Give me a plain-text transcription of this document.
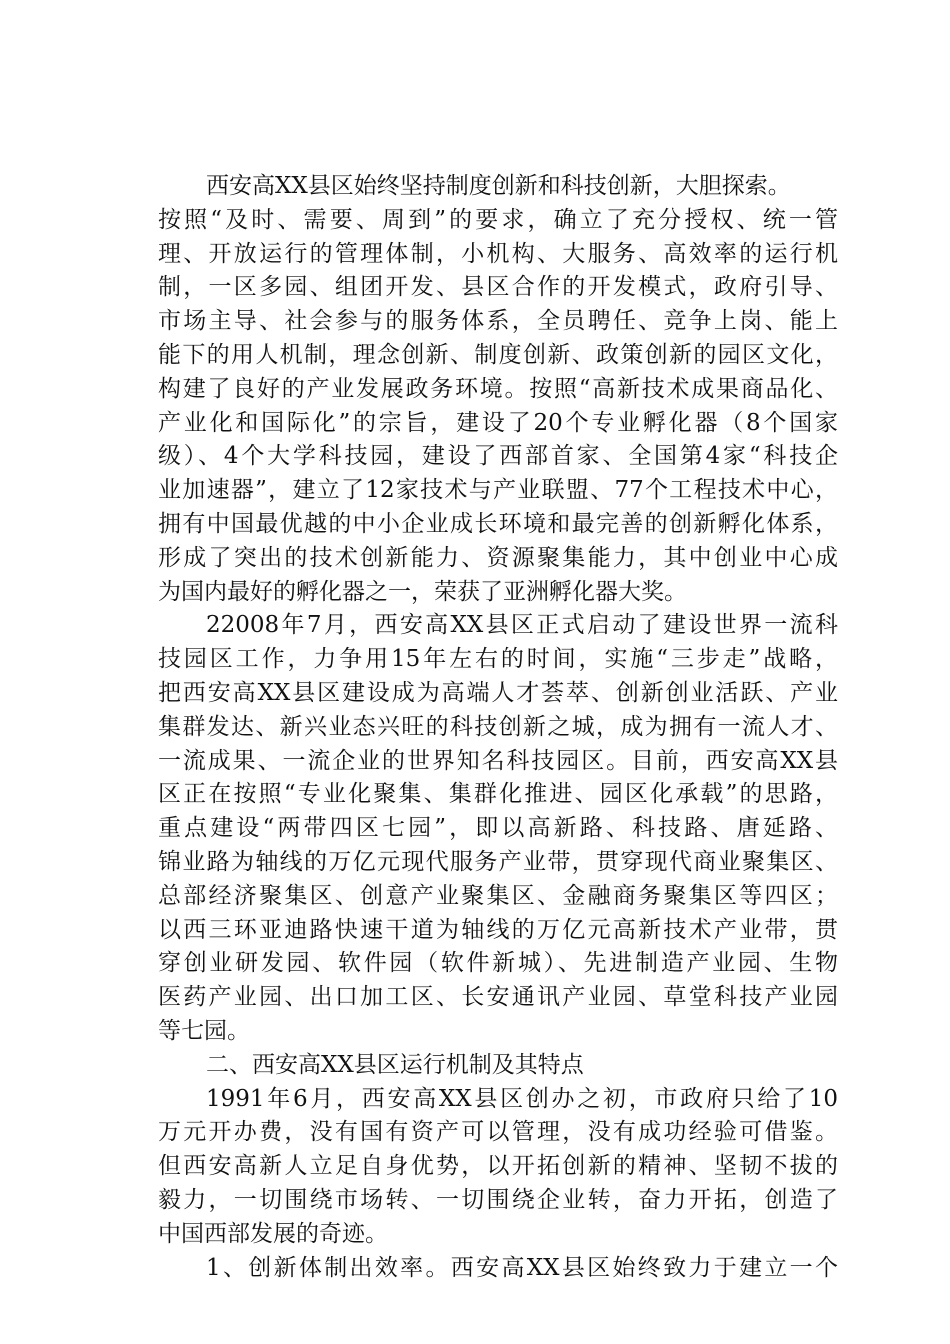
西安高XX县区始终坚持制度创新和科技创新，大胆探索。
按照“及时、需要、周到”的要求，确立了充分授权、统一管
理、开放运行的管理体制，小机构、大服务、高效率的运行机
制，一区多园、组团开发、县区合作的开发模式，政府引导、
市场主导、社会参与的服务体系，全员聘任、竞争上岗、能上
能下的用人机制，理念创新、制度创新、政策创新的园区文化，
构建了良好的产业发展政务环境。按照“高新技术成果商品化、
产业化和国际化”的宗旨，建设了20个专业孵化器（8个国家
级）、4个大学科技园，建设了西部首家、全国第4家“科技企
业加速器”，建立了12家技术与产业联盟、77个工程技术中心，
拥有中国最优越的中小企业成长环境和最完善的创新孵化体系，
形成了突出的技术创新能力、资源聚集能力，其中创业中心成
为国内最好的孵化器之一，荣获了亚洲孵化器大奖。
22008年7月，西安高XX县区正式启动了建设世界一流科
技园区工作，力争用15年左右的时间，实施“三步走”战略，
把西安高XX县区建设成为高端人才荟萃、创新创业活跃、产业
集群发达、新兴业态兴旺的科技创新之城，成为拥有一流人才、
一流成果、一流企业的世界知名科技园区。目前，西安高XX县
区正在按照“专业化聚集、集群化推进、园区化承载”的思路，
重点建设“两带四区七园”，即以高新路、科技路、唐延路、
锦业路为轴线的万亿元现代服务产业带，贯穿现代商业聚集区、
总部经济聚集区、创意产业聚集区、金融商务聚集区等四区；
以西三环亚迪路快速干道为轴线的万亿元高新技术产业带，贯
穿创业研发园、软件园（软件新城）、先进制造产业园、生物
医药产业园、出口加工区、长安通讯产业园、草堂科技产业园
等七园。
二、西安高XX县区运行机制及其特点
1991年6月，西安高XX县区创办之初，市政府只给了10
万元开办费，没有国有资产可以管理，没有成功经验可借鉴。
但西安高新人立足自身优势，以开拓创新的精神、坚韧不拔的
毅力，一切围绕市场转、一切围绕企业转，奋力开拓，创造了
中国西部发展的奇迹。
1、创新体制出效率。西安高XX县区始终致力于建立一个
